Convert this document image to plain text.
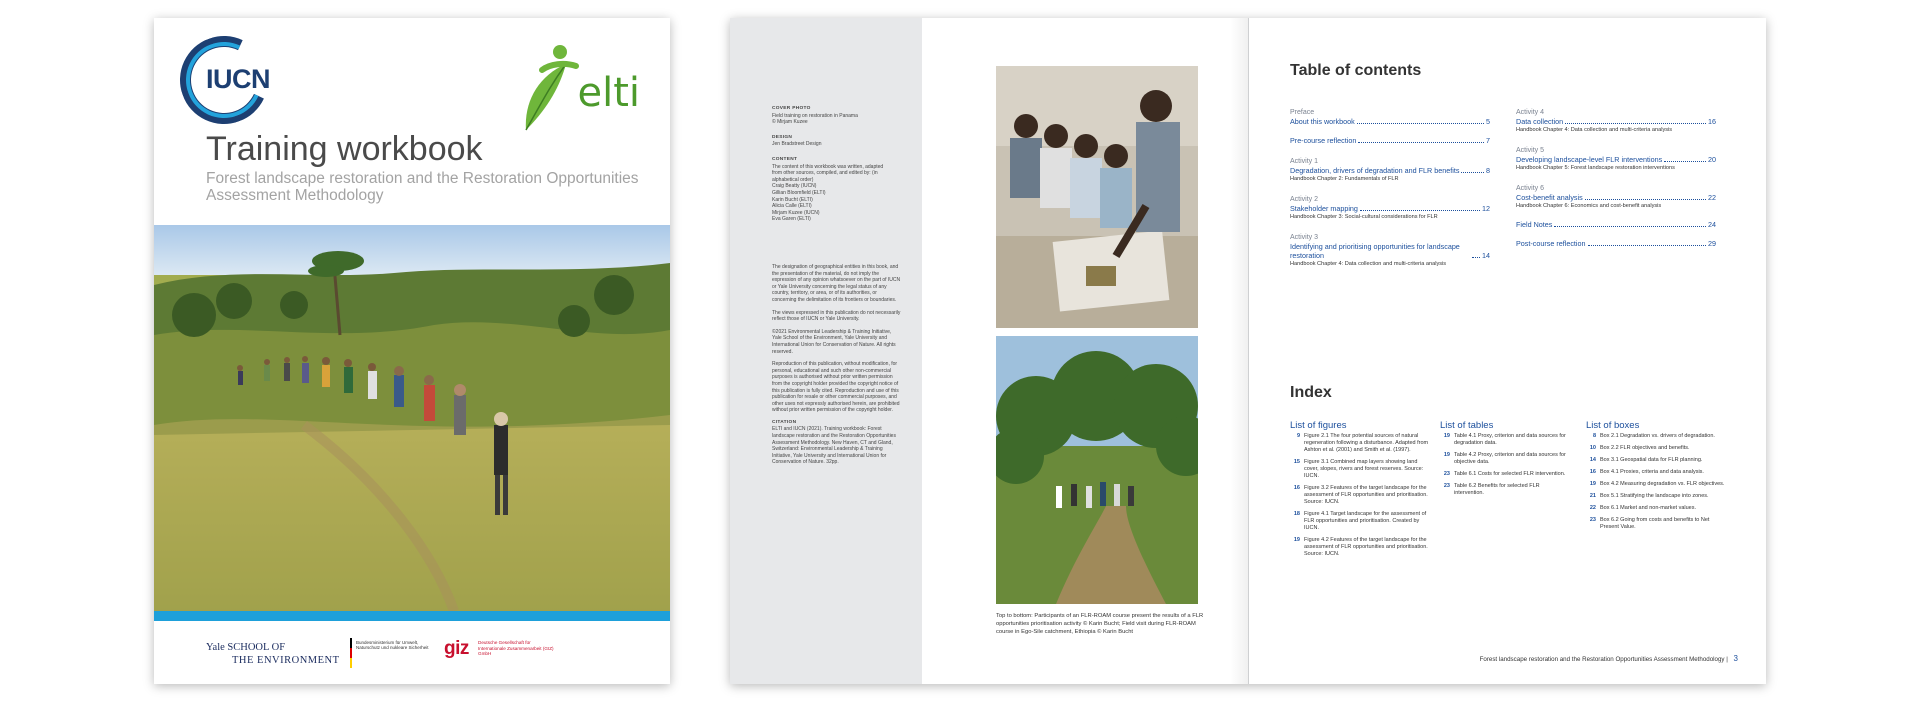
IUCN	elti
Training workbook
Forest landscape restoration and the Restoration Opportunities Assessment Methodology
Yale SCHOOL OF
THE ENVIRONMENT
Bundesministerium für Umwelt, Naturschutz und nukleare Sicherheit giz Deutsche Gesellschaft für Internationale Zusammenarbeit (GIZ) GmbH
COVER PHOTO
Field training on restoration in Panama
© Mirjam Kuzee
DESIGN
Jen Bradstreet Design
CONTENT
The content of this workbook was written, adapted from other sources, compiled, and edited by: (in alphabetical order)
Craig Beatty (IUCN)
Gillian Bloomfield (ELTI)
Karin Bucht (ELTI)
Alicia Calle (ELTI)
Mirjam Kuzee (IUCN)
Eva Garen (ELTI)

The designation of geographical entities in this book, and the presentation of the material, do not imply the expression of any opinion whatsoever on the part of IUCN or Yale University concerning the legal status of any country, territory, or area, or of its authorities, or concerning the delimitation of its frontiers or boundaries.

The views expressed in this publication do not necessarily reflect those of IUCN or Yale University.

©2021 Environmental Leadership & Training Initiative, Yale School of the Environment, Yale University and International Union for Conservation of Nature. All rights reserved.

Reproduction of this publication, without modification, for personal, educational and such other non-commercial purposes is authorised without prior written permission from the copyright holder provided the copyright notice of this publication is fully cited. Reproduction and use of this publication for resale or other commercial purposes, and other uses not expressly authorised herein, are prohibited without prior written permission of the copyright holder.

CITATION

ELTI and IUCN (2021). Training workbook: Forest landscape restoration and the Restoration Opportunities Assessment Methodology. New Haven, CT and Gland, Switzerland: Environmental Leadership & Training Initiative, Yale University and International Union for Conservation of Nature. 32pp.

Top to bottom: Participants of an FLR-ROAM course present the results of a FLR opportunities prioritisation activity © Karin Bucht; Field visit during FLR-ROAM course in Ego-Sile catchment, Ethiopia © Karin Bucht
Table of contents
Preface
About this workbook	5
Pre-course reflection	7
Activity 1
Degradation, drivers of degradation and FLR benefits	8
Handbook Chapter 2: Fundamentals of FLR
Activity 2
Stakeholder mapping	12
Handbook Chapter 3: Social-cultural considerations for FLR
Activity 3
Identifying and prioritising opportunities for landscape restoration	14
Handbook Chapter 4: Data collection and multi-criteria analysis
Activity 4
Data collection	16
Handbook Chapter 4: Data collection and multi-criteria analysis
Activity 5
Developing landscape-level FLR interventions	20
Handbook Chapter 5: Forest landscape restoration interventions
Activity 6
Cost-benefit analysis	22
Handbook Chapter 6: Economics and cost-benefit analysis
Field Notes	24
Post-course reflection	29
Index
List of figures
9 Figure 2.1 The four potential sources of natural regeneration following a disturbance. Adapted from Ashton et al. (2001) and Smith et al. (1997).
15 Figure 3.1 Combined map layers showing land cover, slopes, rivers and forest reserves. Source: IUCN.
16 Figure 3.2 Features of the target landscape for the assessment of FLR opportunities and prioritisation. Source: IUCN.
18 Figure 4.1 Target landscape for the assessment of FLR opportunities and prioritisation. Created by IUCN.
19 Figure 4.2 Features of the target landscape for the assessment of FLR opportunities and prioritisation. Source: IUCN.
List of tables
19 Table 4.1 Proxy, criterion and data sources for degradation data.
19 Table 4.2 Proxy, criterion and data sources for objective data.
23 Table 6.1 Costs for selected FLR intervention.
23 Table 6.2 Benefits for selected FLR intervention.
List of boxes
8 Box 2.1 Degradation vs. drivers of degradation.
10 Box 2.2 FLR objectives and benefits.
14 Box 3.1 Geospatial data for FLR planning.
16 Box 4.1 Proxies, criteria and data analysis.
19 Box 4.2 Measuring degradation vs. FLR objectives.
21 Box 5.1 Stratifying the landscape into zones.
22 Box 6.1 Market and non-market values.
23 Box 6.2 Going from costs and benefits to Net Present Value.
Forest landscape restoration and the Restoration Opportunities Assessment Methodology | 3
